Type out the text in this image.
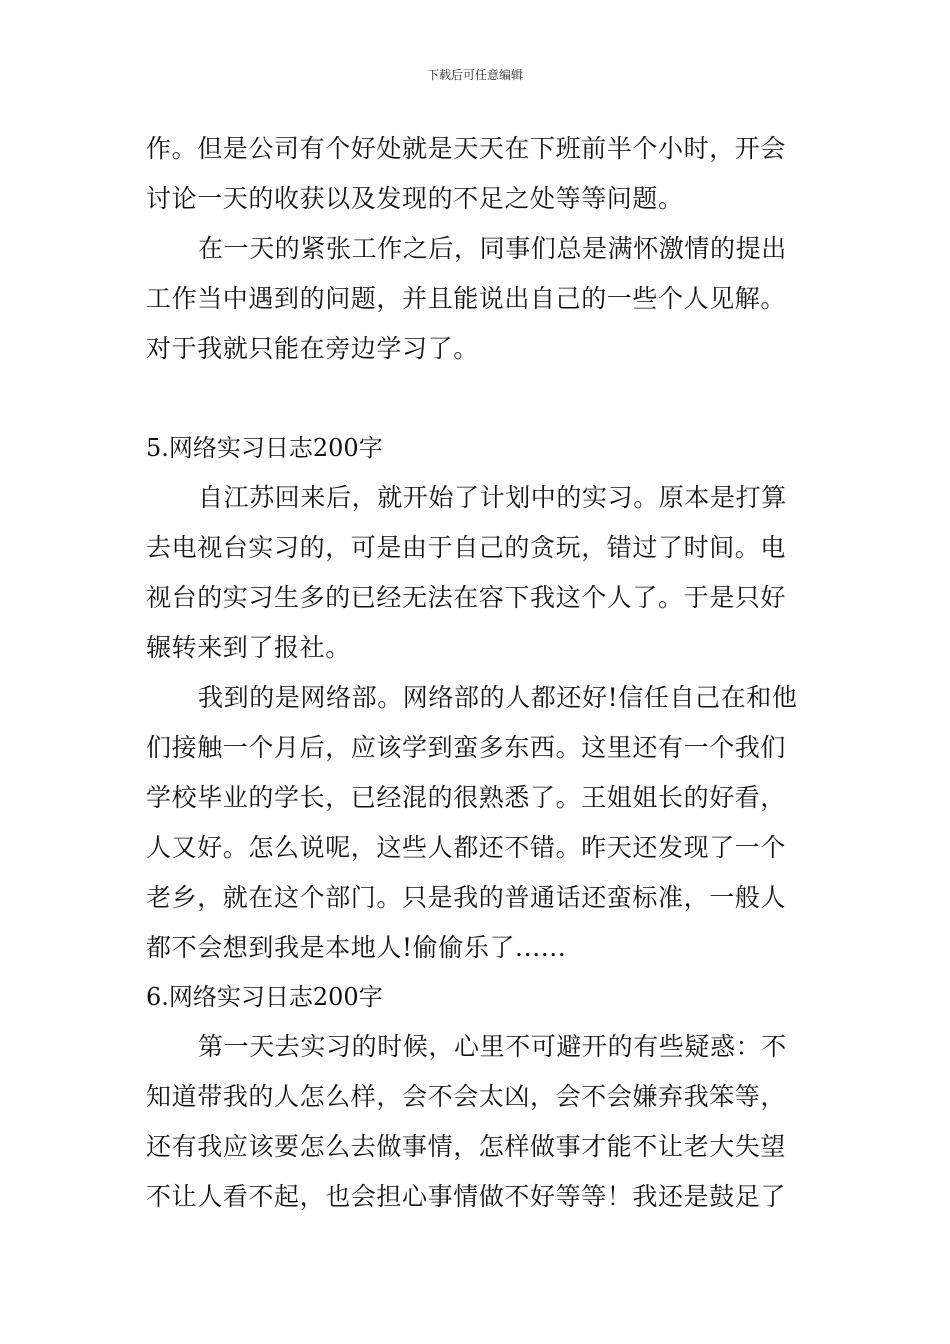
下载后可任意编辑
作。但是公司有个好处就是天天在下班前半个小时，开会
讨论一天的收获以及发现的不足之处等等问题。
在一天的紧张工作之后，同事们总是满怀激情的提出
工作当中遇到的问题，并且能说出自己的一些个人见解。
对于我就只能在旁边学习了。
5.网络实习日志200字
自江苏回来后，就开始了计划中的实习。原本是打算
去电视台实习的，可是由于自己的贪玩，错过了时间。电
视台的实习生多的已经无法在容下我这个人了。于是只好
辗转来到了报社。
我到的是网络部。网络部的人都还好!信任自己在和他
们接触一个月后，应该学到蛮多东西。这里还有一个我们
学校毕业的学长，已经混的很熟悉了。王姐姐长的好看，
人又好。怎么说呢，这些人都还不错。昨天还发现了一个
老乡，就在这个部门。只是我的普通话还蛮标准，一般人
都不会想到我是本地人!偷偷乐了......
6.网络实习日志200字
第一天去实习的时候，心里不可避开的有些疑惑：不
知道带我的人怎么样，会不会太凶，会不会嫌弃我笨等，
还有我应该要怎么去做事情，怎样做事才能不让老大失望
不让人看不起，也会担心事情做不好等等！我还是鼓足了
